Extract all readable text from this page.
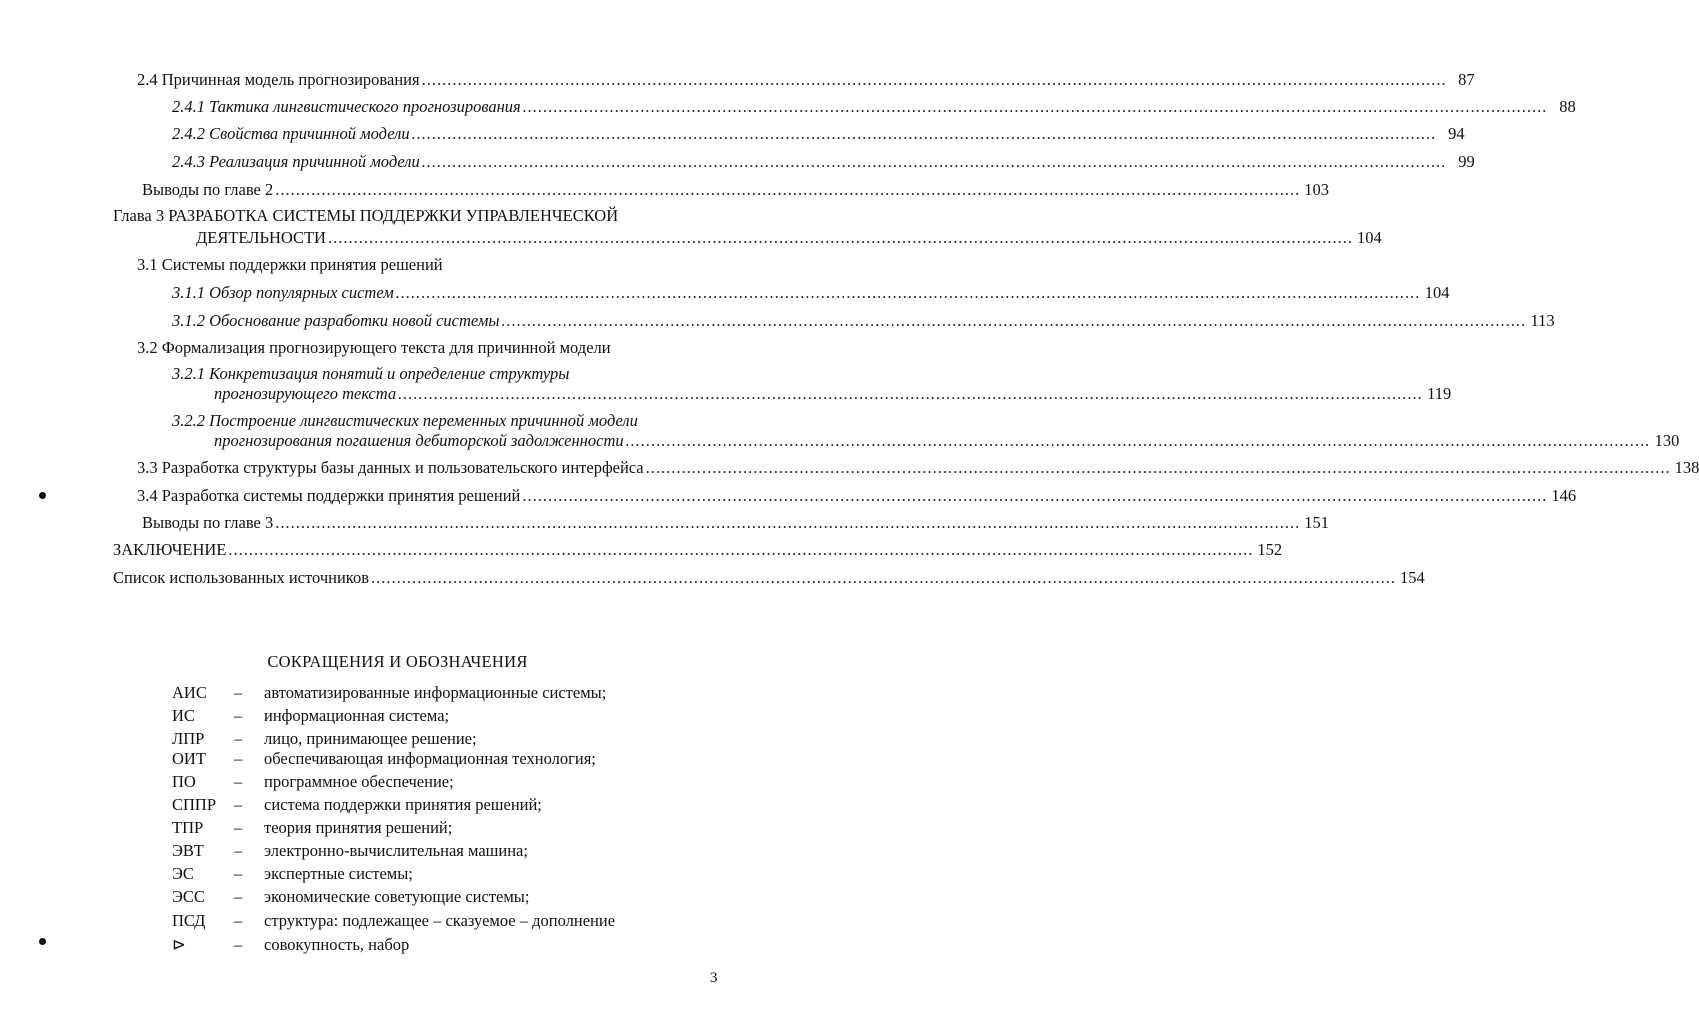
2.4 Причинная модель прогнозирования ........................................................................................................................................................................................................ 87
2.4.1 Тактика лингвистического прогнозирования ........................................................................................................................................................................................................ 88
2.4.2 Свойства причинной модели ........................................................................................................................................................................................................ 94
2.4.3 Реализация причинной модели ........................................................................................................................................................................................................ 99
Выводы по главе 2 ........................................................................................................................................................................................................ 103
Глава 3 РАЗРАБОТКА СИСТЕМЫ ПОДДЕРЖКИ УПРАВЛЕНЧЕСКОЙ
ДЕЯТЕЛЬНОСТИ ........................................................................................................................................................................................................ 104
3.1 Системы поддержки принятия решений
3.1.1 Обзор популярных систем ........................................................................................................................................................................................................ 104
3.1.2 Обоснование разработки новой системы ........................................................................................................................................................................................................ 113
3.2 Формализация прогнозирующего текста для причинной модели
3.2.1 Конкретизация понятий и определение структуры
прогнозирующего текста ........................................................................................................................................................................................................ 119
3.2.2 Построение лингвистических переменных причинной модели
прогнозирования погашения дебиторской задолженности ........................................................................................................................................................................................................ 130
3.3 Разработка структуры базы данных и пользовательского интерфейса ........................................................................................................................................................................................................ 138
3.4 Разработка системы поддержки принятия решений ........................................................................................................................................................................................................ 146
Выводы по главе 3 ........................................................................................................................................................................................................ 151
ЗАКЛЮЧЕНИЕ ........................................................................................................................................................................................................ 152
Список использованных источников ........................................................................................................................................................................................................ 154
СОКРАЩЕНИЯ И ОБОЗНАЧЕНИЯ
АИС – автоматизированные информационные системы;
ИС – информационная система;
ЛПР – лицо, принимающее решение;
ОИТ – обеспечивающая информационная технология;
ПО – программное обеспечение;
СППР – система поддержки принятия решений;
ТПР – теория принятия решений;
ЭВТ – электронно-вычислительная машина;
ЭС – экспертные системы;
ЭСС – экономические советующие системы;
ПСД – структура: подлежащее – сказуемое – дополнение
⊳	– совокупность, набор
3
